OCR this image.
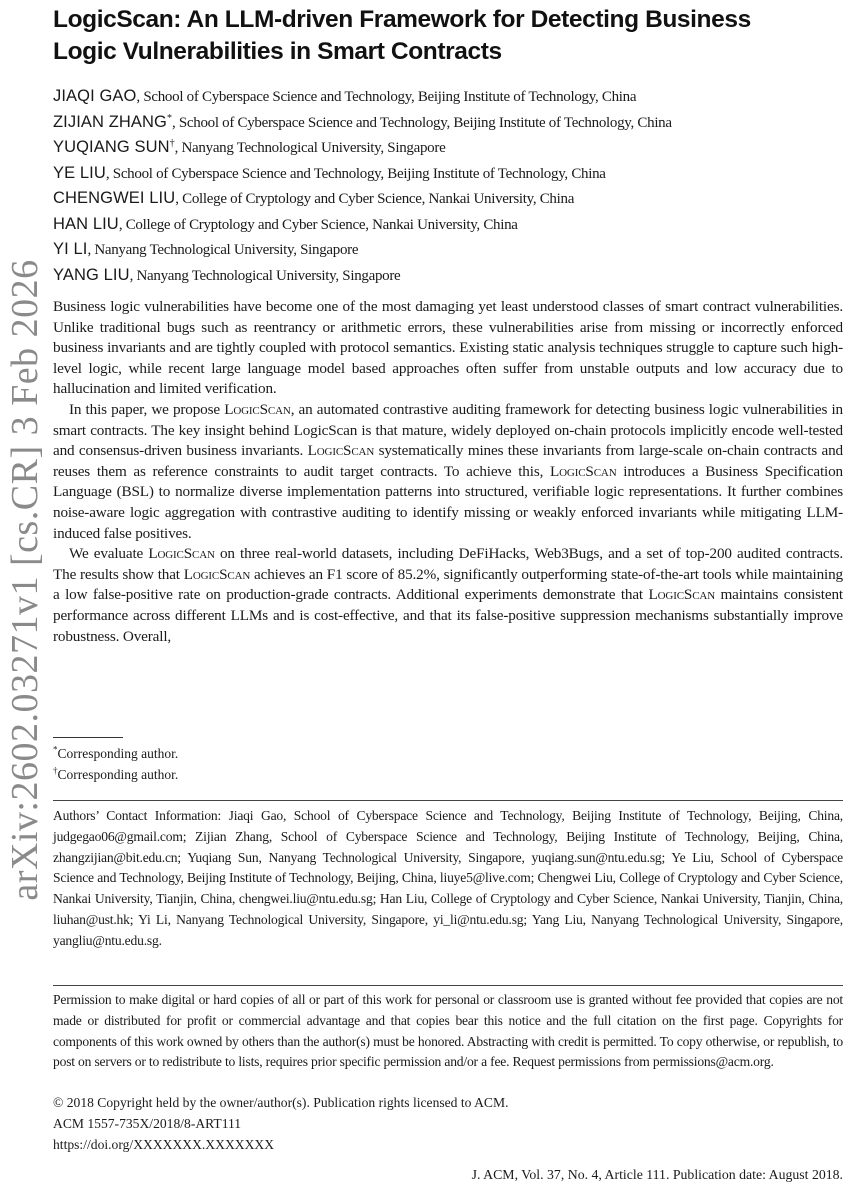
arXiv:2602.03271v1 [cs.CR] 3 Feb 2026
LogicScan: An LLM-driven Framework for Detecting Business
Logic Vulnerabilities in Smart Contracts
JIAQI GAO, School of Cyberspace Science and Technology, Beijing Institute of Technology, China
ZIJIAN ZHANG*, School of Cyberspace Science and Technology, Beijing Institute of Technology, China
YUQIANG SUN†, Nanyang Technological University, Singapore
YE LIU, School of Cyberspace Science and Technology, Beijing Institute of Technology, China
CHENGWEI LIU, College of Cryptology and Cyber Science, Nankai University, China
HAN LIU, College of Cryptology and Cyber Science, Nankai University, China
YI LI, Nanyang Technological University, Singapore
YANG LIU, Nanyang Technological University, Singapore

Business logic vulnerabilities have become one of the most damaging yet least understood classes of smart contract vulnerabilities. Unlike traditional bugs such as reentrancy or arithmetic errors, these vulnerabilities arise from missing or incorrectly enforced business invariants and are tightly coupled with protocol semantics. Existing static analysis techniques struggle to capture such high-level logic, while recent large language model based approaches often suffer from unstable outputs and low accuracy due to hallucination and limited verification.

In this paper, we propose LogicScan, an automated contrastive auditing framework for detecting business logic vulnerabilities in smart contracts. The key insight behind LogicScan is that mature, widely deployed on-chain protocols implicitly encode well-tested and consensus-driven business invariants. LogicScan systematically mines these invariants from large-scale on-chain contracts and reuses them as reference constraints to audit target contracts. To achieve this, LogicScan introduces a Business Specification Language (BSL) to normalize diverse implementation patterns into structured, verifiable logic representations. It further combines noise-aware logic aggregation with contrastive auditing to identify missing or weakly enforced invariants while mitigating LLM-induced false positives.

We evaluate LogicScan on three real-world datasets, including DeFiHacks, Web3Bugs, and a set of top-200 audited contracts. The results show that LogicScan achieves an F1 score of 85.2%, significantly outperforming state-of-the-art tools while maintaining a low false-positive rate on production-grade contracts. Additional experiments demonstrate that LogicScan maintains consistent performance across different LLMs and is cost-effective, and that its false-positive suppression mechanisms substantially improve robustness. Overall,

*Corresponding author.
†Corresponding author.
Authors’ Contact Information: Jiaqi Gao, School of Cyberspace Science and Technology, Beijing Institute of Technology, Beijing, China, judgegao06@gmail.com; Zijian Zhang, School of Cyberspace Science and Technology, Beijing Institute of Technology, Beijing, China, zhangzijian@bit.edu.cn; Yuqiang Sun, Nanyang Technological University, Singapore, yuqiang.sun@ntu.edu.sg; Ye Liu, School of Cyberspace Science and Technology, Beijing Institute of Technology, Beijing, China, liuye5@live.com; Chengwei Liu, College of Cryptology and Cyber Science, Nankai University, Tianjin, China, chengwei.liu@ntu.edu.sg; Han Liu, College of Cryptology and Cyber Science, Nankai University, Tianjin, China, liuhan@ust.hk; Yi Li, Nanyang Technological University, Singapore, yi_li@ntu.edu.sg; Yang Liu, Nanyang Technological University, Singapore, yangliu@ntu.edu.sg.
Permission to make digital or hard copies of all or part of this work for personal or classroom use is granted without fee provided that copies are not made or distributed for profit or commercial advantage and that copies bear this notice and the full citation on the first page. Copyrights for components of this work owned by others than the author(s) must be honored. Abstracting with credit is permitted. To copy otherwise, or republish, to post on servers or to redistribute to lists, requires prior specific permission and/or a fee. Request permissions from permissions@acm.org.
© 2018 Copyright held by the owner/author(s). Publication rights licensed to ACM.
ACM 1557-735X/2018/8-ART111
https://doi.org/XXXXXXX.XXXXXXX
J. ACM, Vol. 37, No. 4, Article 111. Publication date: August 2018.
